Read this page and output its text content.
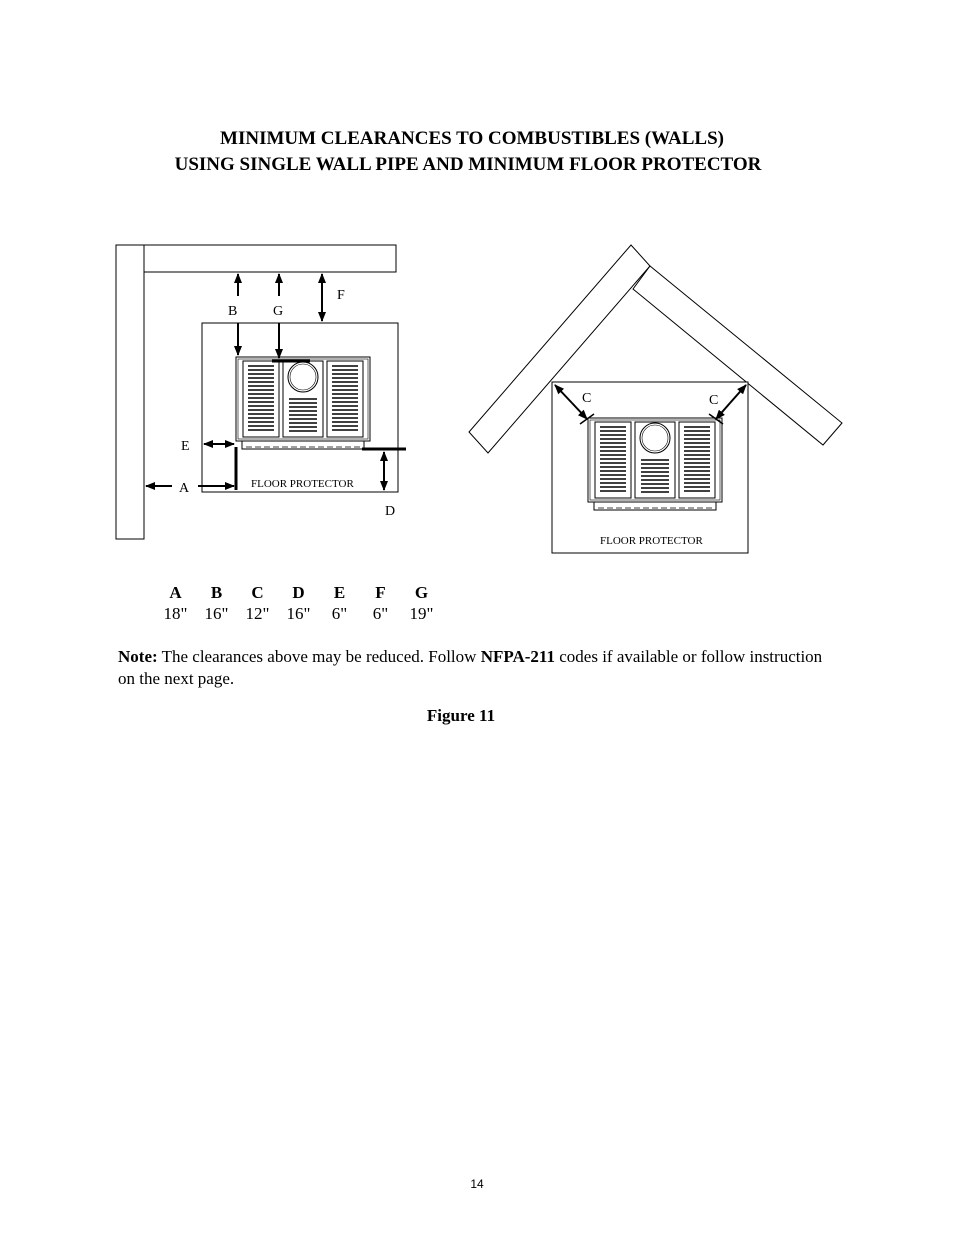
MINIMUM CLEARANCES TO COMBUSTIBLES (WALLS)
USING SINGLE WALL PIPE AND MINIMUM FLOOR PROTECTOR
B	G
F
E
A
D
FLOOR PROTECTOR
C	C
FLOOR PROTECTOR
A	B	C	D	E	F	G
18"	16"	12"	16"	6"	6"	19"
Note: The clearances above may be reduced. Follow NFPA-211 codes if available or follow instruction on the next page.
Figure 11
14
